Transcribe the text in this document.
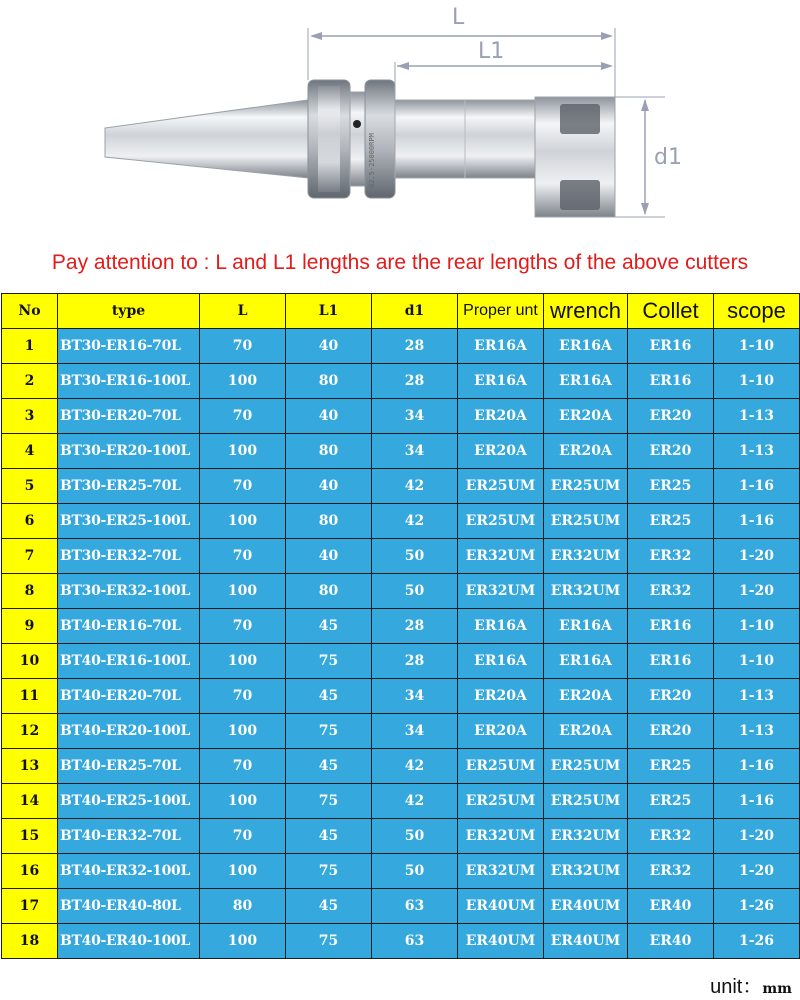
G2.5-25000RPM
L
L1
d1
Pay attention to : L and L1 lengths are the rear lengths of the above cutters
No	type	L	L1	d1	Proper unt	wrench	Collet	scope
1	BT30-ER16-70L	70	40	28	ER16A	ER16A	ER16	1-10
2	BT30-ER16-100L	100	80	28	ER16A	ER16A	ER16	1-10
3	BT30-ER20-70L	70	40	34	ER20A	ER20A	ER20	1-13
4	BT30-ER20-100L	100	80	34	ER20A	ER20A	ER20	1-13
5	BT30-ER25-70L	70	40	42	ER25UM	ER25UM	ER25	1-16
6	BT30-ER25-100L	100	80	42	ER25UM	ER25UM	ER25	1-16
7	BT30-ER32-70L	70	40	50	ER32UM	ER32UM	ER32	1-20
8	BT30-ER32-100L	100	80	50	ER32UM	ER32UM	ER32	1-20
9	BT40-ER16-70L	70	45	28	ER16A	ER16A	ER16	1-10
10	BT40-ER16-100L	100	75	28	ER16A	ER16A	ER16	1-10
11	BT40-ER20-70L	70	45	34	ER20A	ER20A	ER20	1-13
12	BT40-ER20-100L	100	75	34	ER20A	ER20A	ER20	1-13
13	BT40-ER25-70L	70	45	42	ER25UM	ER25UM	ER25	1-16
14	BT40-ER25-100L	100	75	42	ER25UM	ER25UM	ER25	1-16
15	BT40-ER32-70L	70	45	50	ER32UM	ER32UM	ER32	1-20
16	BT40-ER32-100L	100	75	50	ER32UM	ER32UM	ER32	1-20
17	BT40-ER40-80L	80	45	63	ER40UM	ER40UM	ER40	1-26
18	BT40-ER40-100L	100	75	63	ER40UM	ER40UM	ER40	1-26
unit：mm
